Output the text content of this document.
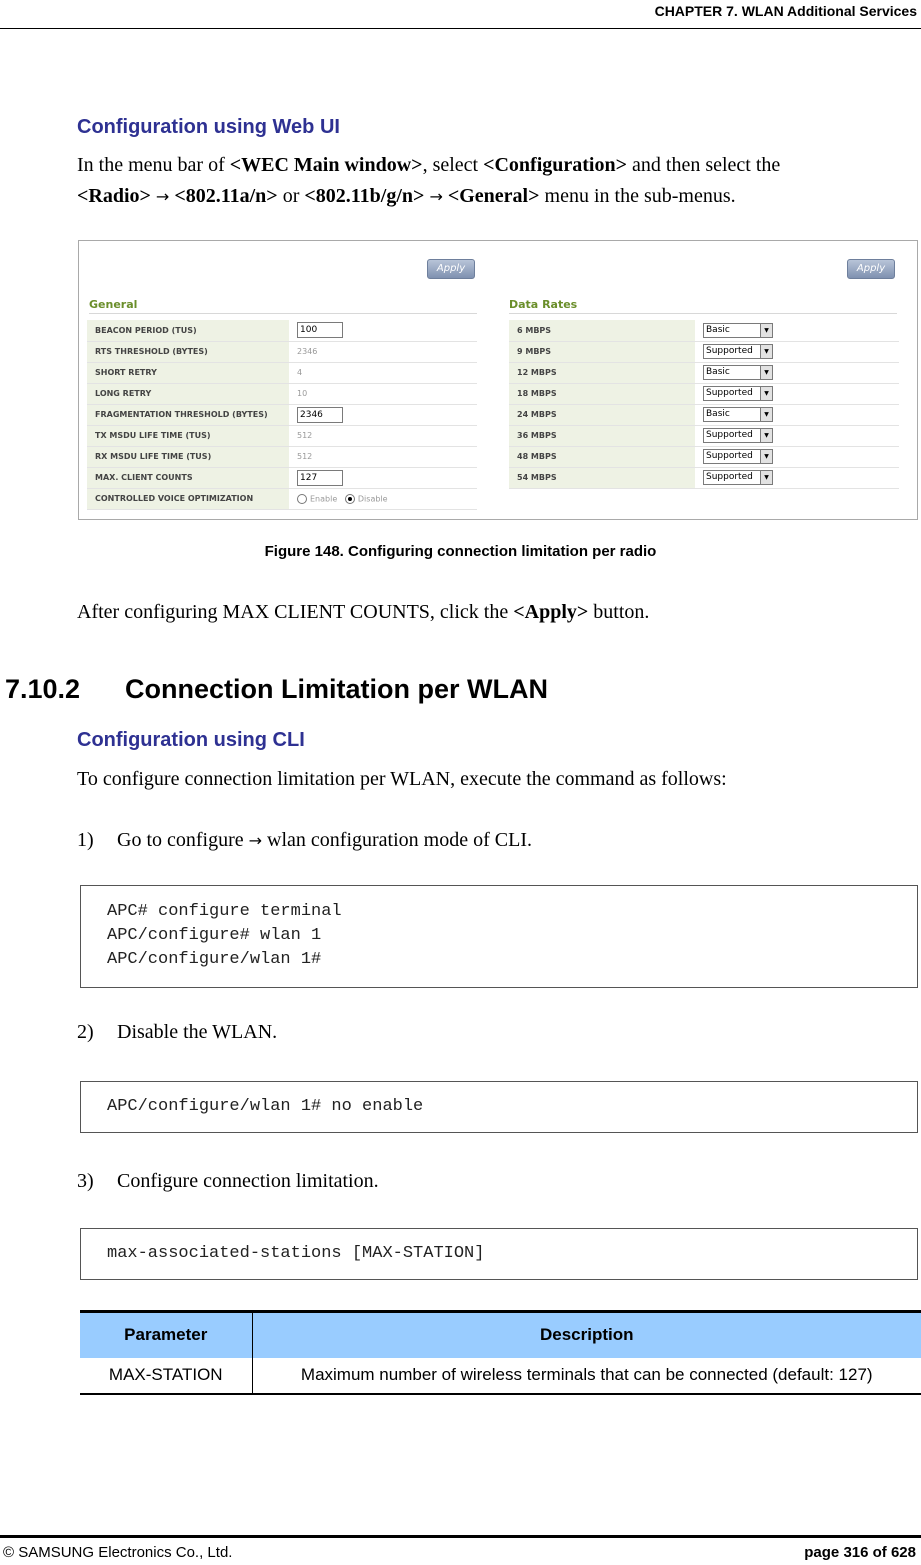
CHAPTER 7. WLAN Additional Services
Configuration using Web UI
In the menu bar of <WEC Main window>, select <Configuration> and then select the
<Radio> → <802.11a/n> or <802.11b/g/n> → <General> menu in the sub-menus.
Apply	Apply
General	Data Rates
BEACON PERIOD (TUS)	100
RTS THRESHOLD (BYTES)	2346
SHORT RETRY	4
LONG RETRY	10
FRAGMENTATION THRESHOLD (BYTES)	2346
TX MSDU LIFE TIME (TUS)	512
RX MSDU LIFE TIME (TUS)	512
MAX. CLIENT COUNTS	127
CONTROLLED VOICE OPTIMIZATION	Enable Disable
6 MBPS	Basic ▼

9 MBPS	Supported ▼

12 MBPS	Basic ▼

18 MBPS	Supported ▼

24 MBPS	Basic ▼

36 MBPS	Supported ▼

48 MBPS	Supported ▼

54 MBPS	Supported ▼
Figure 148. Configuring connection limitation per radio
After configuring MAX CLIENT COUNTS, click the <Apply> button.
7.10.2 Connection Limitation per WLAN
Configuration using CLI
To configure connection limitation per WLAN, execute the command as follows:
1) Go to configure → wlan configuration mode of CLI.
APC# configure terminal
APC/configure# wlan 1
APC/configure/wlan 1#
2) Disable the WLAN.
APC/configure/wlan 1# no enable
3) Configure connection limitation.
max-associated-stations [MAX-STATION]
Parameter	Description
MAX-STATION	Maximum number of wireless terminals that can be connected (default: 127)
© SAMSUNG Electronics Co., Ltd.	page 316 of 628
